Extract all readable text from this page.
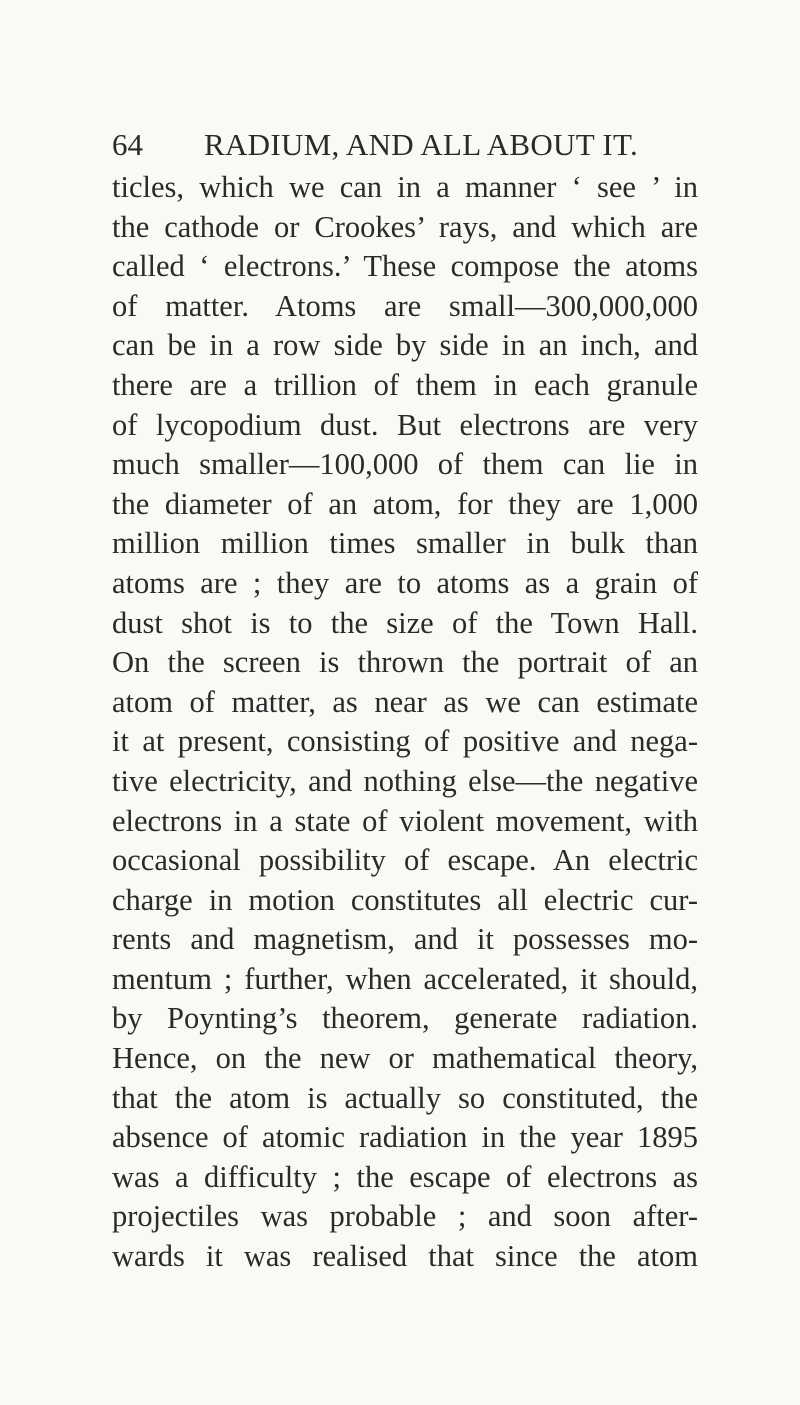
64 RADIUM, AND ALL ABOUT IT.
ticles, which we can in a manner ‘ see ’ in
the cathode or Crookes’ rays, and which are
called ‘ electrons.’ These compose the atoms
of matter. Atoms are small—300,000,000
can be in a row side by side in an inch, and
there are a trillion of them in each granule
of lycopodium dust. But electrons are very
much smaller—100,000 of them can lie in
the diameter of an atom, for they are 1,000
million million times smaller in bulk than
atoms are ; they are to atoms as a grain of
dust shot is to the size of the Town Hall.
On the screen is thrown the portrait of an
atom of matter, as near as we can estimate
it at present, consisting of positive and nega-
tive electricity, and nothing else—the negative
electrons in a state of violent movement, with
occasional possibility of escape. An electric
charge in motion constitutes all electric cur-
rents and magnetism, and it possesses mo-
mentum ; further, when accelerated, it should,
by Poynting’s theorem, generate radiation.
Hence, on the new or mathematical theory,
that the atom is actually so constituted, the
absence of atomic radiation in the year 1895
was a difficulty ; the escape of electrons as
projectiles was probable ; and soon after-
wards it was realised that since the atom
